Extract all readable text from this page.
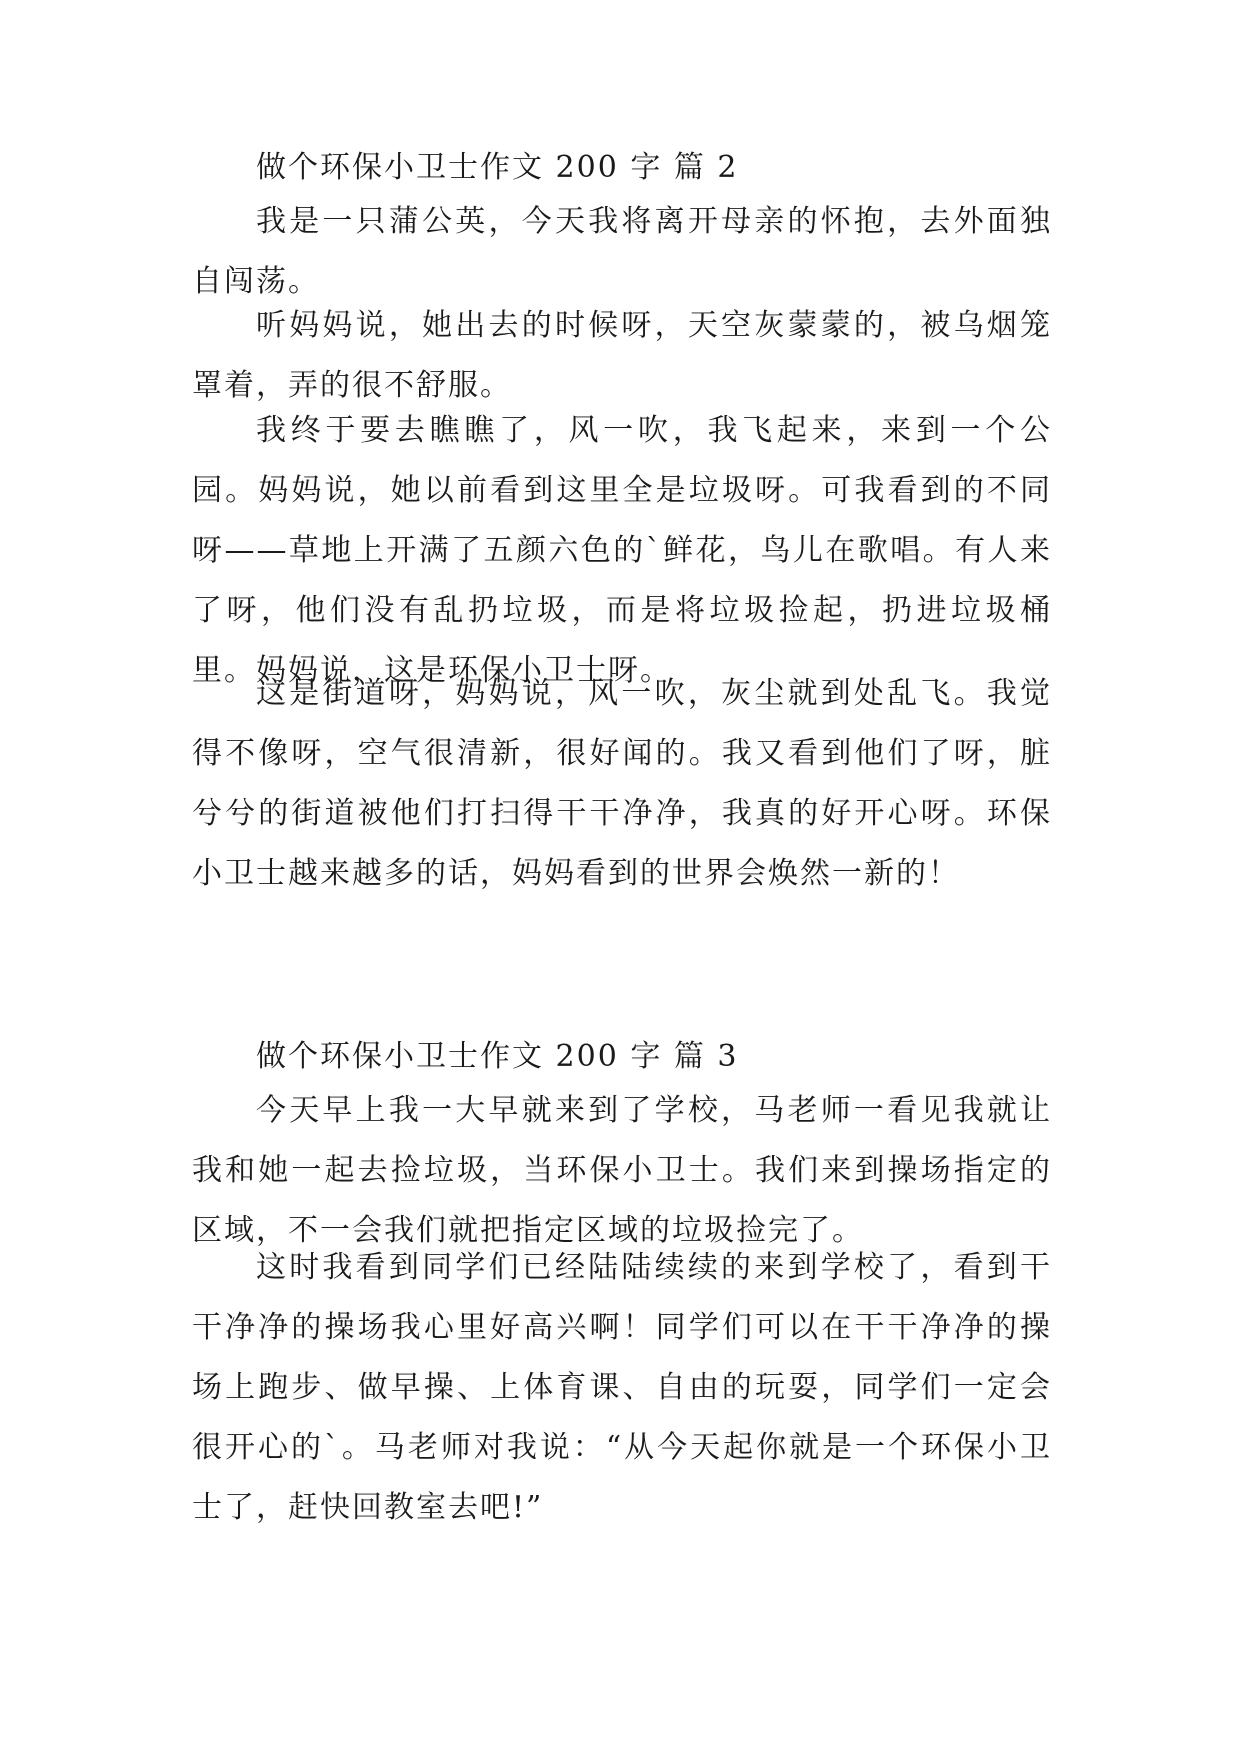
做个环保小卫士作文 200 字 篇 2

我是一只蒲公英，今天我将离开母亲的怀抱，去外面独自闯荡。

听妈妈说，她出去的时候呀，天空灰蒙蒙的，被乌烟笼罩着，弄的很不舒服。

我终于要去瞧瞧了，风一吹，我飞起来，来到一个公园。妈妈说，她以前看到这里全是垃圾呀。可我看到的不同呀——草地上开满了五颜六色的`鲜花，鸟儿在歌唱。有人来了呀，他们没有乱扔垃圾，而是将垃圾捡起，扔进垃圾桶里。妈妈说，这是环保小卫士呀。

这是街道呀，妈妈说，风一吹，灰尘就到处乱飞。我觉得不像呀，空气很清新，很好闻的。我又看到他们了呀，脏兮兮的街道被他们打扫得干干净净，我真的好开心呀。环保小卫士越来越多的话，妈妈看到的世界会焕然一新的！

做个环保小卫士作文 200 字 篇 3

今天早上我一大早就来到了学校，马老师一看见我就让我和她一起去捡垃圾，当环保小卫士。我们来到操场指定的区域，不一会我们就把指定区域的垃圾捡完了。

这时我看到同学们已经陆陆续续的来到学校了，看到干干净净的操场我心里好高兴啊！同学们可以在干干净净的操场上跑步、做早操、上体育课、自由的玩耍，同学们一定会很开心的`。马老师对我说：“从今天起你就是一个环保小卫士了，赶快回教室去吧!”
